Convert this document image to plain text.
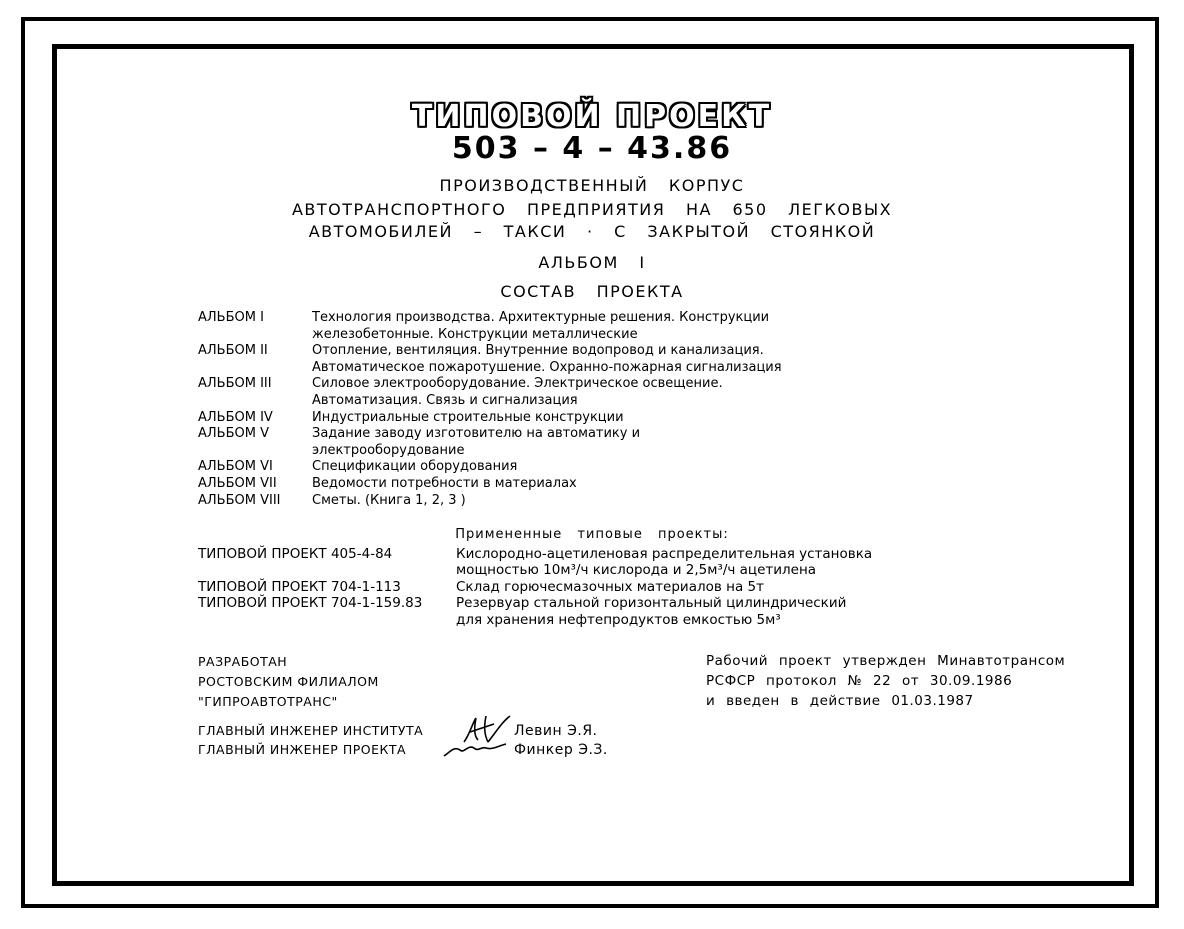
ТИПОВОЙ ПРОЕКТ
503 – 4 – 43.86
ПРОИЗВОДСТВЕННЫЙ КОРПУС
АВТОТРАНСПОРТНОГО ПРЕДПРИЯТИЯ НА 650 ЛЕГКОВЫХ
АВТОМОБИЛЕЙ – ТАКСИ · С ЗАКРЫТОЙ СТОЯНКОЙ
АЛЬБОМ I
СОСТАВ ПРОЕКТА
АЛЬБОМ I	Технология производства. Архитектурные решения. Конструкции
железобетонные. Конструкции металлические
АЛЬБОМ II	Отопление, вентиляция. Внутренние водопровод и канализация.
Автоматическое пожаротушение. Охранно-пожарная сигнализация
АЛЬБОМ III	Силовое электрооборудование. Электрическое освещение.
Автоматизация. Связь и сигнализация
АЛЬБОМ IV	Индустриальные строительные конструкции
АЛЬБОМ V	Задание заводу изготовителю на автоматику и
электрооборудование
АЛЬБОМ VI	Спецификации оборудования
АЛЬБОМ VII	Ведомости потребности в материалах
АЛЬБОМ VIII	Сметы. (Книга 1, 2, 3 )
Примененные типовые проекты:
ТИПОВОЙ ПРОЕКТ 405-4-84	Кислородно-ацетиленовая распределительная установка
мощностью 10м³/ч кислорода и 2,5м³/ч ацетилена
ТИПОВОЙ ПРОЕКТ 704-1-113	Склад горючесмазочных материалов на 5т
ТИПОВОЙ ПРОЕКТ 704-1-159.83	Резервуар стальной горизонтальный цилиндрический
для хранения нефтепродуктов емкостью 5м³
РАЗРАБОТАН
РОСТОВСКИМ ФИЛИАЛОМ
"ГИПРОАВТОТРАНС"
Рабочий проект утвержден Минавтотрансом
РСФСР протокол № 22 от 30.09.1986
и введен в действие 01.03.1987
ГЛАВНЫЙ ИНЖЕНЕР ИНСТИТУТА	Левин Э.Я.
ГЛАВНЫЙ ИНЖЕНЕР ПРОЕКТА	Финкер Э.З.
